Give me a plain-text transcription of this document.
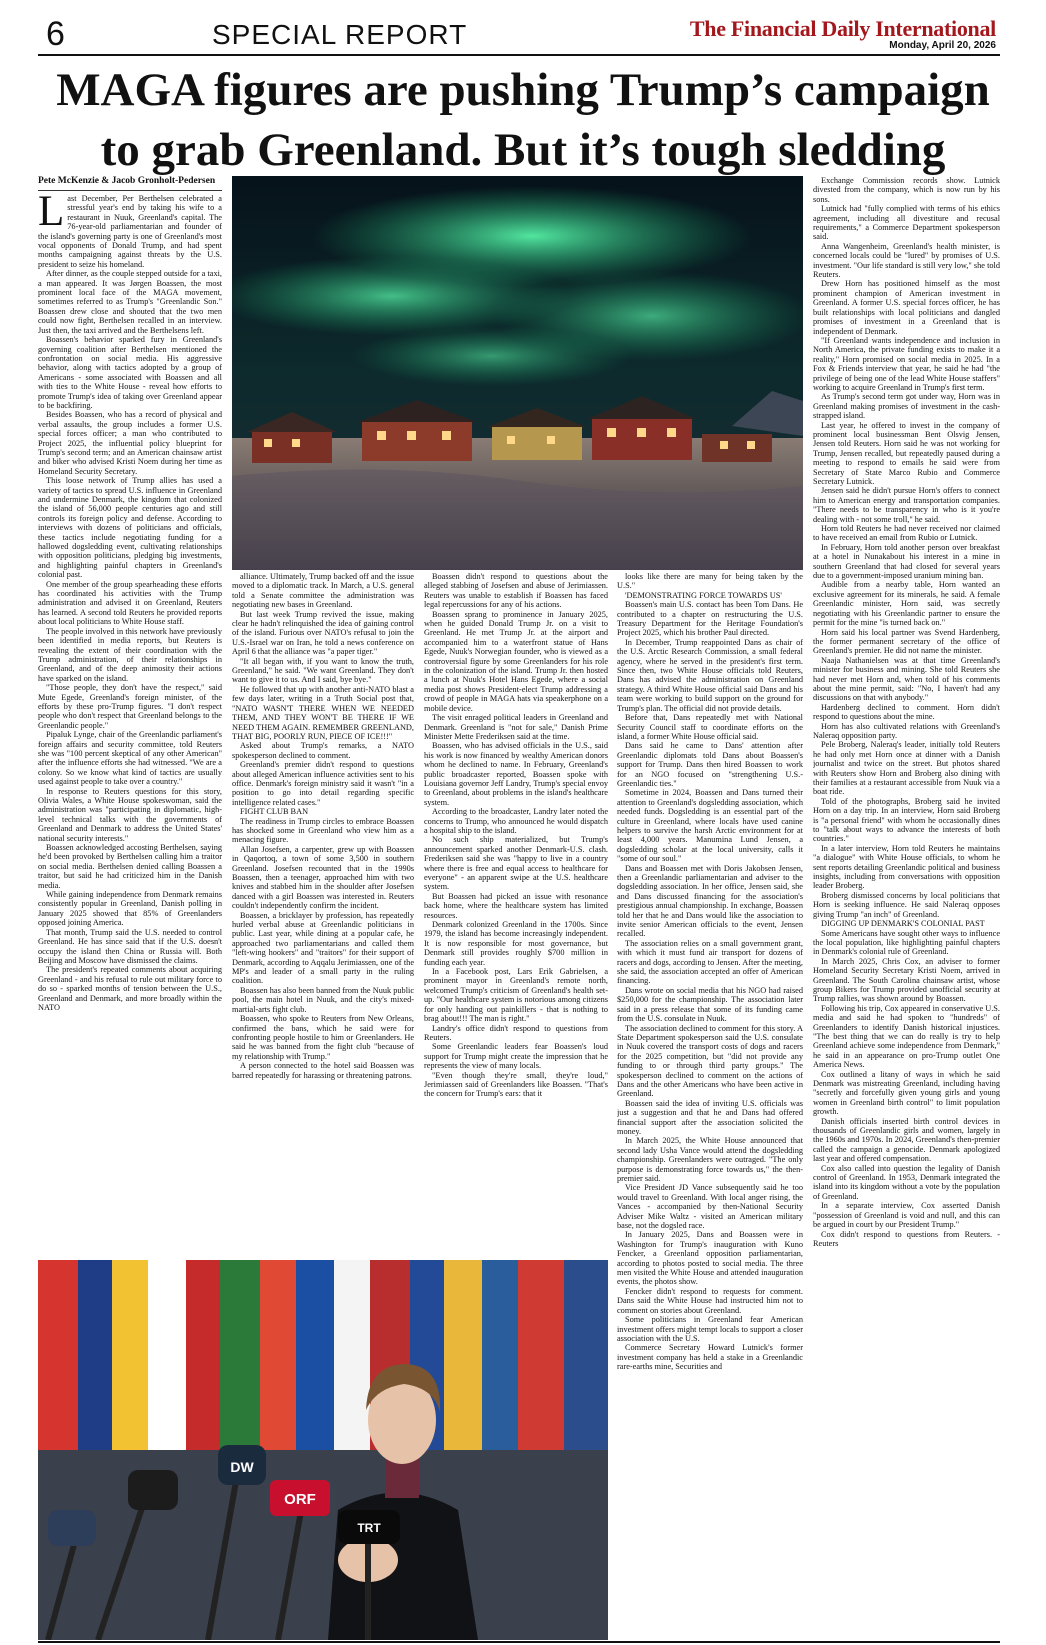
6	SPECIAL REPORT	The Financial Daily International
Monday, April 20, 2026
MAGA figures are pushing Trump’s campaign
to grab Greenland. But it’s tough sledding
Pete McKenzie & Jacob Gronholt-Pedersen

Last December, Per Berthelsen celebrated a stressful year's end by taking his wife to a restaurant in Nuuk, Greenland's capital. The 76-year-old parliamentarian and founder of the island's governing party is one of Greenland's most vocal opponents of Donald Trump, and had spent months campaigning against threats by the U.S. president to seize his homeland.

After dinner, as the couple stepped outside for a taxi, a man appeared. It was Jørgen Boassen, the most prominent local face of the MAGA movement, sometimes referred to as Trump's "Greenlandic Son." Boassen drew close and shouted that the two men could now fight, Berthelsen recalled in an interview. Just then, the taxi arrived and the Berthelsens left.

Boassen's behavior sparked fury in Greenland's governing coalition after Berthelsen mentioned the confrontation on social media. His aggressive behavior, along with tactics adopted by a group of Americans - some associated with Boassen and all with ties to the White House - reveal how efforts to promote Trump's idea of taking over Greenland appear to be backfiring.

Besides Boassen, who has a record of physical and verbal assaults, the group includes a former U.S. special forces officer; a man who contributed to Project 2025, the influential policy blueprint for Trump's second term; and an American chainsaw artist and biker who advised Kristi Noem during her time as Homeland Security Secretary.

This loose network of Trump allies has used a variety of tactics to spread U.S. influence in Greenland and undermine Denmark, the kingdom that colonized the island of 56,000 people centuries ago and still controls its foreign policy and defense. According to interviews with dozens of politicians and officials, these tactics include negotiating funding for a hallowed dogsledding event, cultivating relationships with opposition politicians, pledging big investments, and highlighting painful chapters in Greenland's colonial past.

One member of the group spearheading these efforts has coordinated his activities with the Trump administration and advised it on Greenland, Reuters has learned. A second told Reuters he provided reports about local politicians to White House staff.

The people involved in this network have previously been identified in media reports, but Reuters is revealing the extent of their coordination with the Trump administration, of their relationships in Greenland, and of the deep animosity their actions have sparked on the island.

"Those people, they don't have the respect," said Mute Egede, Greenland's foreign minister, of the efforts by these pro-Trump figures. "I don't respect people who don't respect that Greenland belongs to the Greenlandic people."

Pipaluk Lynge, chair of the Greenlandic parliament's foreign affairs and security committee, told Reuters she was "100 percent skeptical of any other American" after the influence efforts she had witnessed. "We are a colony. So we know what kind of tactics are usually used against people to take over a country."

In response to Reuters questions for this story, Olivia Wales, a White House spokeswoman, said the administration was "participating in diplomatic, high-level technical talks with the governments of Greenland and Denmark to address the United States' national security interests."

Boassen acknowledged accosting Berthelsen, saying he'd been provoked by Berthelsen calling him a traitor on social media. Berthelsen denied calling Boassen a traitor, but said he had criticized him in the Danish media.

While gaining independence from Denmark remains consistently popular in Greenland, Danish polling in January 2025 showed that 85% of Greenlanders opposed joining America.

That month, Trump said the U.S. needed to control Greenland. He has since said that if the U.S. doesn't occupy the island then China or Russia will. Both Beijing and Moscow have dismissed the claims.

The president's repeated comments about acquiring Greenland - and his refusal to rule out military force to do so - sparked months of tension between the U.S., Greenland and Denmark, and more broadly within the NATO

alliance. Ultimately, Trump backed off and the issue moved to a diplomatic track. In March, a U.S. general told a Senate committee the administration was negotiating new bases in Greenland.

But last week Trump revived the issue, making clear he hadn't relinquished the idea of gaining control of the island. Furious over NATO's refusal to join the U.S.-Israel war on Iran, he told a news conference on April 6 that the alliance was "a paper tiger."

"It all began with, if you want to know the truth, Greenland," he said. "We want Greenland. They don't want to give it to us. And I said, bye bye."

He followed that up with another anti-NATO blast a few days later, writing in a Truth Social post that, "NATO WASN'T THERE WHEN WE NEEDED THEM, AND THEY WON'T BE THERE IF WE NEED THEM AGAIN. REMEMBER GREENLAND, THAT BIG, POORLY RUN, PIECE OF ICE!!!"

Asked about Trump's remarks, a NATO spokesperson declined to comment.

Greenland's premier didn't respond to questions about alleged American influence activities sent to his office. Denmark's foreign ministry said it wasn't "in a position to go into detail regarding specific intelligence related cases."

FIGHT CLUB BAN

The readiness in Trump circles to embrace Boassen has shocked some in Greenland who view him as a menacing figure.

Allan Josefsen, a carpenter, grew up with Boassen in Qaqortoq, a town of some 3,500 in southern Greenland. Josefsen recounted that in the 1990s Boassen, then a teenager, approached him with two knives and stabbed him in the shoulder after Josefsen danced with a girl Boassen was interested in. Reuters couldn't independently confirm the incident.

Boassen, a bricklayer by profession, has repeatedly hurled verbal abuse at Greenlandic politicians in public. Last year, while dining at a popular cafe, he approached two parliamentarians and called them "left-wing hookers" and "traitors" for their support of Denmark, according to Aqqalu Jerimiassen, one of the MP's and leader of a small party in the ruling coalition.

Boassen has also been banned from the Nuuk public pool, the main hotel in Nuuk, and the city's mixed-martial-arts fight club.

Boassen, who spoke to Reuters from New Orleans, confirmed the bans, which he said were for confronting people hostile to him or Greenlanders. He said he was banned from the fight club "because of my relationship with Trump."

A person connected to the hotel said Boassen was barred repeatedly for harassing or threatening patrons.

Boassen didn't respond to questions about the alleged stabbing of Josefsen and abuse of Jerimiassen. Reuters was unable to establish if Boassen has faced legal repercussions for any of his actions.

Boassen sprang to prominence in January 2025, when he guided Donald Trump Jr. on a visit to Greenland. He met Trump Jr. at the airport and accompanied him to a waterfront statue of Hans Egede, Nuuk's Norwegian founder, who is viewed as a controversial figure by some Greenlanders for his role in the colonization of the island. Trump Jr. then hosted a lunch at Nuuk's Hotel Hans Egede, where a social media post shows President-elect Trump addressing a crowd of people in MAGA hats via speakerphone on a mobile device.

The visit enraged political leaders in Greenland and Denmark. Greenland is "not for sale," Danish Prime Minister Mette Frederiksen said at the time.

Boassen, who has advised officials in the U.S., said his work is now financed by wealthy American donors whom he declined to name. In February, Greenland's public broadcaster reported, Boassen spoke with Louisiana governor Jeff Landry, Trump's special envoy to Greenland, about problems in the island's healthcare system.

According to the broadcaster, Landry later noted the concerns to Trump, who announced he would dispatch a hospital ship to the island.

No such ship materialized, but Trump's announcement sparked another Denmark-U.S. clash. Frederiksen said she was "happy to live in a country where there is free and equal access to healthcare for everyone" - an apparent swipe at the U.S. healthcare system.

But Boassen had picked an issue with resonance back home, where the healthcare system has limited resources.

Denmark colonized Greenland in the 1700s. Since 1979, the island has become increasingly independent. It is now responsible for most governance, but Denmark still provides roughly $700 million in funding each year.

In a Facebook post, Lars Erik Gabrielsen, a prominent mayor in Greenland's remote north, welcomed Trump's criticism of Greenland's health set-up. "Our healthcare system is notorious among citizens for only handing out painkillers - that is nothing to brag about!!! The man is right."

Landry's office didn't respond to questions from Reuters.

Some Greenlandic leaders fear Boassen's loud support for Trump might create the impression that he represents the view of many locals.

"Even though they're small, they're loud," Jerimiassen said of Greenlanders like Boassen. "That's the concern for Trump's ears: that it

looks like there are many for being taken by the U.S."

'DEMONSTRATING FORCE TOWARDS US'

Boassen's main U.S. contact has been Tom Dans. He contributed to a chapter on restructuring the U.S. Treasury Department for the Heritage Foundation's Project 2025, which his brother Paul directed.

In December, Trump reappointed Dans as chair of the U.S. Arctic Research Commission, a small federal agency, where he served in the president's first term. Since then, two White House officials told Reuters, Dans has advised the administration on Greenland strategy. A third White House official said Dans and his team were working to build support on the ground for Trump's plan. The official did not provide details.

Before that, Dans repeatedly met with National Security Council staff to coordinate efforts on the island, a former White House official said.

Dans said he came to Dans' attention after Greenlandic diplomats told Dans about Boassen's support for Trump. Dans then hired Boassen to work for an NGO focused on "strengthening U.S.-Greenlandic ties."

Sometime in 2024, Boassen and Dans turned their attention to Greenland's dogsledding association, which needed funds. Dogsledding is an essential part of the culture in Greenland, where locals have used canine helpers to survive the harsh Arctic environment for at least 4,000 years. Manumina Lund Jensen, a dogsledding scholar at the local university, calls it "some of our soul."

Dans and Boassen met with Doris Jakobsen Jensen, then a Greenlandic parliamentarian and adviser to the dogsledding association. In her office, Jensen said, she and Dans discussed financing for the association's prestigious annual championship. In exchange, Boassen told her that he and Dans would like the association to invite senior American officials to the event, Jensen recalled.

The association relies on a small government grant, with which it must fund air transport for dozens of racers and dogs, according to Jensen. After the meeting, she said, the association accepted an offer of American financing.

Dans wrote on social media that his NGO had raised $250,000 for the championship. The association later said in a press release that some of its funding came from the U.S. consulate in Nuuk.

The association declined to comment for this story. A State Department spokesperson said the U.S. consulate in Nuuk covered the transport costs of dogs and racers for the 2025 competition, but "did not provide any funding to or through third party groups." The spokesperson declined to comment on the actions of Dans and the other Americans who have been active in Greenland.

Boassen said the idea of inviting U.S. officials was just a suggestion and that he and Dans had offered financial support after the association solicited the money.

In March 2025, the White House announced that second lady Usha Vance would attend the dogsledding championship. Greenlanders were outraged. "The only purpose is demonstrating force towards us," the then-premier said.

Vice President JD Vance subsequently said he too would travel to Greenland. With local anger rising, the Vances - accompanied by then-National Security Adviser Mike Waltz - visited an American military base, not the dogsled race.

In January 2025, Dans and Boassen were in Washington for Trump's inauguration with Kuno Fencker, a Greenland opposition parliamentarian, according to photos posted to social media. The three men visited the White House and attended inauguration events, the photos show.

Fencker didn't respond to requests for comment. Dans said the White House had instructed him not to comment on stories about Greenland.

Some politicians in Greenland fear American investment offers might tempt locals to support a closer association with the U.S.

Commerce Secretary Howard Lutnick's former investment company has held a stake in a Greenlandic rare-earths mine, Securities and

Exchange Commission records show. Lutnick divested from the company, which is now run by his sons.

Lutnick had "fully complied with terms of his ethics agreement, including all divestiture and recusal requirements," a Commerce Department spokesperson said.

Anna Wangenheim, Greenland's health minister, is concerned locals could be "lured" by promises of U.S. investment. "Our life standard is still very low," she told Reuters.

Drew Horn has positioned himself as the most prominent champion of American investment in Greenland. A former U.S. special forces officer, he has built relationships with local politicians and dangled promises of investment in a Greenland that is independent of Denmark.

"If Greenland wants independence and inclusion in North America, the private funding exists to make it a reality," Horn promised on social media in 2025. In a Fox & Friends interview that year, he said he had "the privilege of being one of the lead White House staffers" working to acquire Greenland in Trump's first term.

As Trump's second term got under way, Horn was in Greenland making promises of investment in the cash-strapped island.

Last year, he offered to invest in the company of prominent local businessman Bent Olsvig Jensen, Jensen told Reuters. Horn said he was not working for Trump, Jensen recalled, but repeatedly paused during a meeting to respond to emails he said were from Secretary of State Marco Rubio and Commerce Secretary Lutnick.

Jensen said he didn't pursue Horn's offers to connect him to American energy and transportation companies. "There needs to be transparency in who is it you're dealing with - not some troll," he said.

Horn told Reuters he had never received nor claimed to have received an email from Rubio or Lutnick.

In February, Horn told another person over breakfast at a hotel in Nunakabout his interest in a mine in southern Greenland that had closed for several years due to a government-imposed uranium mining ban.

Audible from a nearby table, Horn wanted an exclusive agreement for its minerals, he said. A female Greenlandic minister, Horn said, was secretly negotiating with his Greenlandic partner to ensure the permit for the mine "is turned back on."

Horn said his local partner was Svend Hardenberg, the former permanent secretary of the office of Greenland's premier. He did not name the minister.

Naaja Nathanielsen was at that time Greenland's minister for business and mining. She told Reuters she had never met Horn and, when told of his comments about the mine permit, said: "No, I haven't had any discussions on that with anybody."

Hardenberg declined to comment. Horn didn't respond to questions about the mine.

Horn has also cultivated relations with Greenland's Naleraq opposition party.

Pele Broberg, Naleraq's leader, initially told Reuters he had only met Horn once at dinner with a Danish journalist and twice on the street. But photos shared with Reuters show Horn and Broberg also dining with their families at a restaurant accessible from Nuuk via a boat ride.

Told of the photographs, Broberg said he invited Horn on a day trip. In an interview, Horn said Broberg is "a personal friend" with whom he occasionally dines to "talk about ways to advance the interests of both countries."

In a later interview, Horn told Reuters he maintains "a dialogue" with White House officials, to whom he sent reports detailing Greenlandic political and business insights, including from conversations with opposition leader Broberg.

Broberg dismissed concerns by local politicians that Horn is seeking influence. He said Naleraq opposes giving Trump "an inch" of Greenland.

DIGGING UP DENMARK'S COLONIAL PAST

Some Americans have sought other ways to influence the local population, like highlighting painful chapters in Denmark's colonial rule of Greenland.

In March 2025, Chris Cox, an adviser to former Homeland Security Secretary Kristi Noem, arrived in Greenland. The South Carolina chainsaw artist, whose group Bikers for Trump provided unofficial security at Trump rallies, was shown around by Boassen.

Following his trip, Cox appeared in conservative U.S. media and said he had spoken to "hundreds" of Greenlanders to identify Danish historical injustices. "The best thing that we can do really is try to help Greenland achieve some independence from Denmark," he said in an appearance on pro-Trump outlet One America News.

Cox outlined a litany of ways in which he said Denmark was mistreating Greenland, including having "secretly and forcefully given young girls and young women in Greenland birth control" to limit population growth.

Danish officials inserted birth control devices in thousands of Greenlandic girls and women, largely in the 1960s and 1970s. In 2024, Greenland's then-premier called the campaign a genocide. Denmark apologized last year and offered compensation.

Cox also called into question the legality of Danish control of Greenland. In 1953, Denmark integrated the island into its kingdom without a vote by the population of Greenland.

In a separate interview, Cox asserted Danish "possession of Greenland is void and null, and this can be argued in court by our President Trump."

Cox didn't respond to questions from Reuters. -Reuters

DW
ORF
TRT
